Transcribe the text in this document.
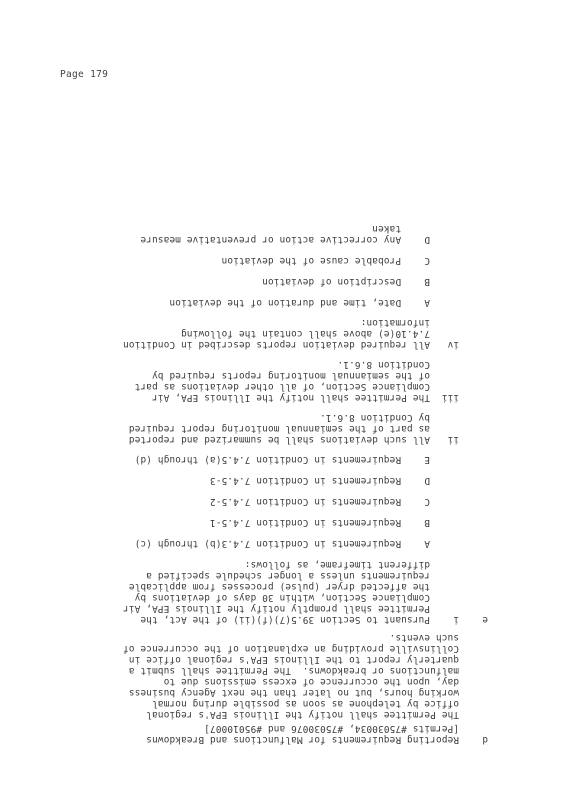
Page 179
d    Reporting Requirements for Malfunctions and Breakdowns
[Permits #75030034, #75030076 and #95010007]
The Permittee shall notify the Illinois EPA's regional
office by telephone as soon as possible during normal
working hours, but no later than the next Agency business
day, upon the occurrence of excess emissions due to
malfunctions or breakdowns.  The Permittee shall submit a
quarterly report to the Illinois EPA's regional office in
Collinsville providing an explanation of the occurrence of
such events.
e    i    Pursuant to Section 39.5(7)(f)(ii) of the Act, the
Permittee shall promptly notify the Illinois EPA, Air
Compliance Section, within 30 days of deviations by
the affected dryer (pulse) processes from applicable
requirements unless a longer schedule specified a
different timeframe, as follows:
A    Requirements in Condition 7.4.3(b) through (c)
B    Requirements in Condition 7.4.5-1
C    Requirements in Condition 7.4.5-2
D    Requirements in Condition 7.4.5-3
E    Requirements in Condition 7.4.5(a) through (d)
ii   All such deviations shall be summarized and reported
as part of the semiannual monitoring report required
by Condition 8.6.1.
iii  The Permittee shall notify the Illinois EPA, Air
Compliance Section, of all other deviations as part
of the semiannual monitoring reports required by
Condition 8.6.1.
iv   All required deviation reports described in Condition
7.4.10(e) above shall contain the following
information:
A    Date, time and duration of the deviation
B    Description of deviation
C    Probable cause of the deviation
D    Any corrective action or preventative measure
taken
